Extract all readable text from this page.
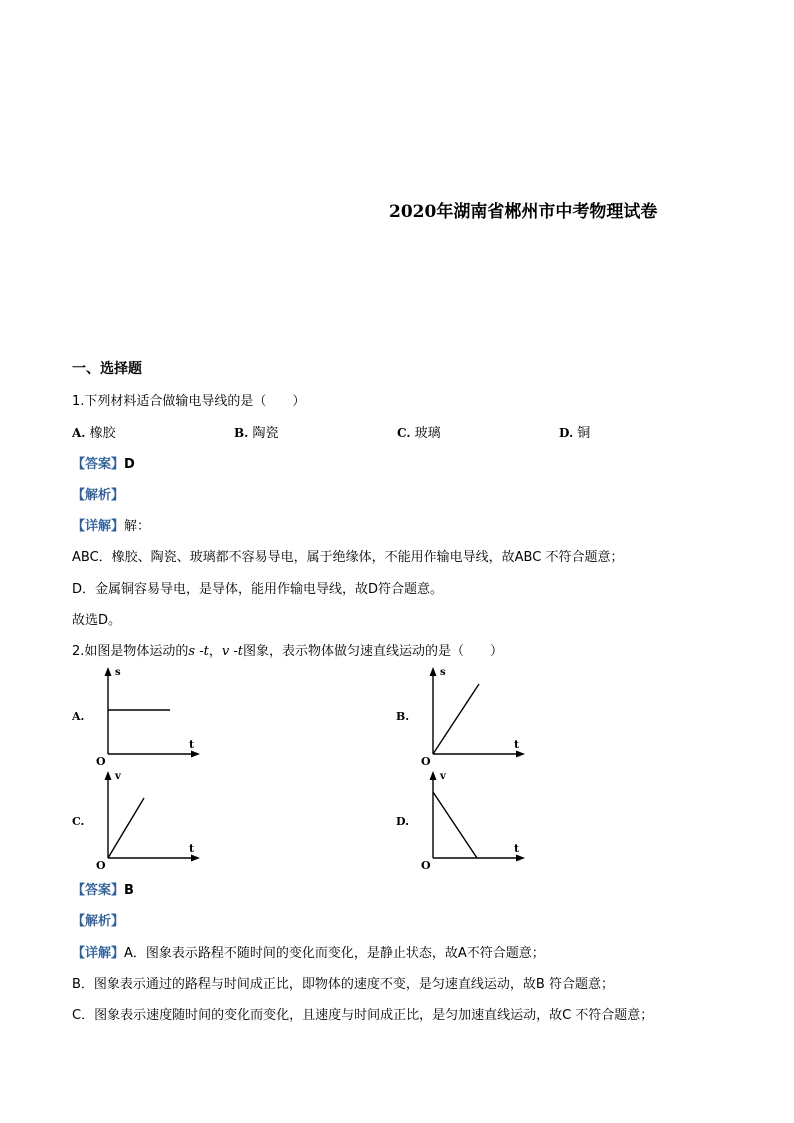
2020年湖南省郴州市中考物理试卷
一、选择题
1.下列材料适合做输电导线的是（　　）
A. 橡胶	B. 陶瓷	C. 玻璃	D. 铜
【答案】D
【解析】
【详解】解：
ABC．橡胶、陶瓷、玻璃都不容易导电，属于绝缘体，不能用作输电导线，故ABC 不符合题意；
D．金属铜容易导电，是导体，能用作输电导线，故D符合题意。
故选D。
2.如图是物体运动的s -t，v -t图象，表示物体做匀速直线运动的是（　　）
A.
s
t
O
B.
s
t
O
C.
v
t
O
D.
v
t
O
【答案】B
【解析】
【详解】A．图象表示路程不随时间的变化而变化，是静止状态，故A不符合题意；
B．图象表示通过的路程与时间成正比，即物体的速度不变，是匀速直线运动，故B 符合题意；
C．图象表示速度随时间的变化而变化，且速度与时间成正比，是匀加速直线运动，故C 不符合题意；
